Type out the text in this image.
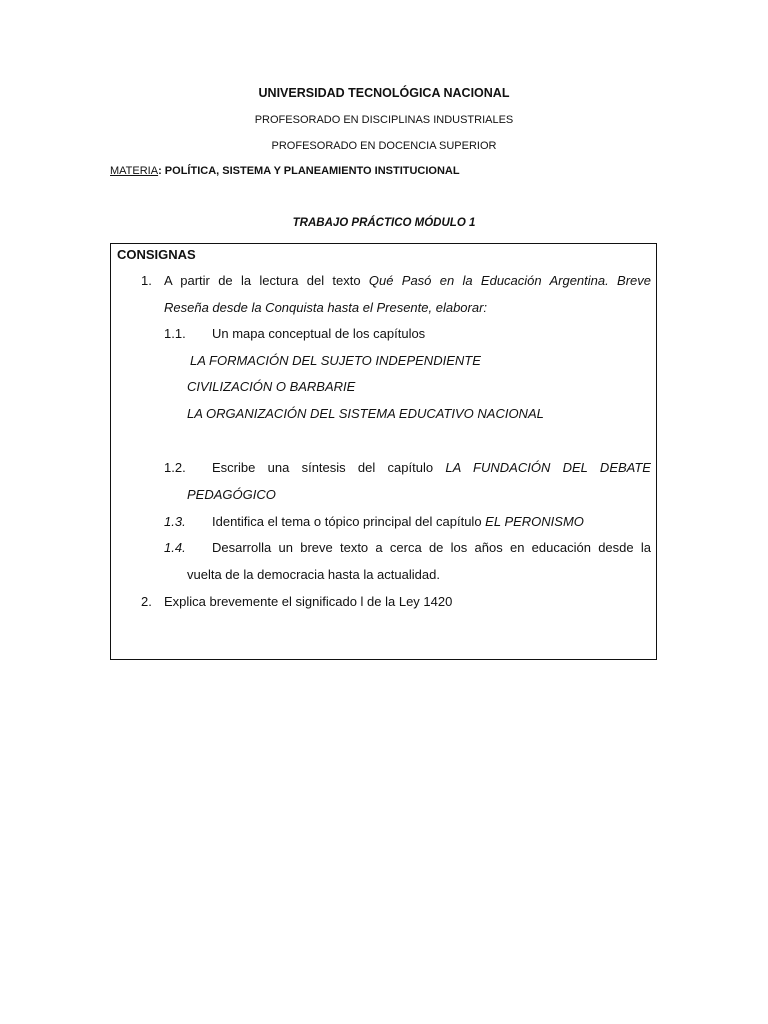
UNIVERSIDAD TECNOLÓGICA NACIONAL
PROFESORADO EN DISCIPLINAS INDUSTRIALES
PROFESORADO EN DOCENCIA SUPERIOR
MATERIA: POLÍTICA, SISTEMA Y PLANEAMIENTO INSTITUCIONAL
TRABAJO PRÁCTICO MÓDULO 1
CONSIGNAS
1. A partir de la lectura del texto Qué Pasó en la Educación Argentina. Breve
Reseña desde la Conquista hasta el Presente, elaborar:
1.1. Un mapa conceptual de los capítulos
LA FORMACIÓN DEL SUJETO INDEPENDIENTE
CIVILIZACIÓN O BARBARIE
LA ORGANIZACIÓN DEL SISTEMA EDUCATIVO NACIONAL
1.2. Escribe una síntesis del capítulo LA FUNDACIÓN DEL DEBATE
PEDAGÓGICO
1.3. Identifica el tema o tópico principal del capítulo EL PERONISMO
1.4. Desarrolla un breve texto a cerca de los años en educación desde la
vuelta de la democracia hasta la actualidad.
2. Explica brevemente el significado l de la Ley 1420
